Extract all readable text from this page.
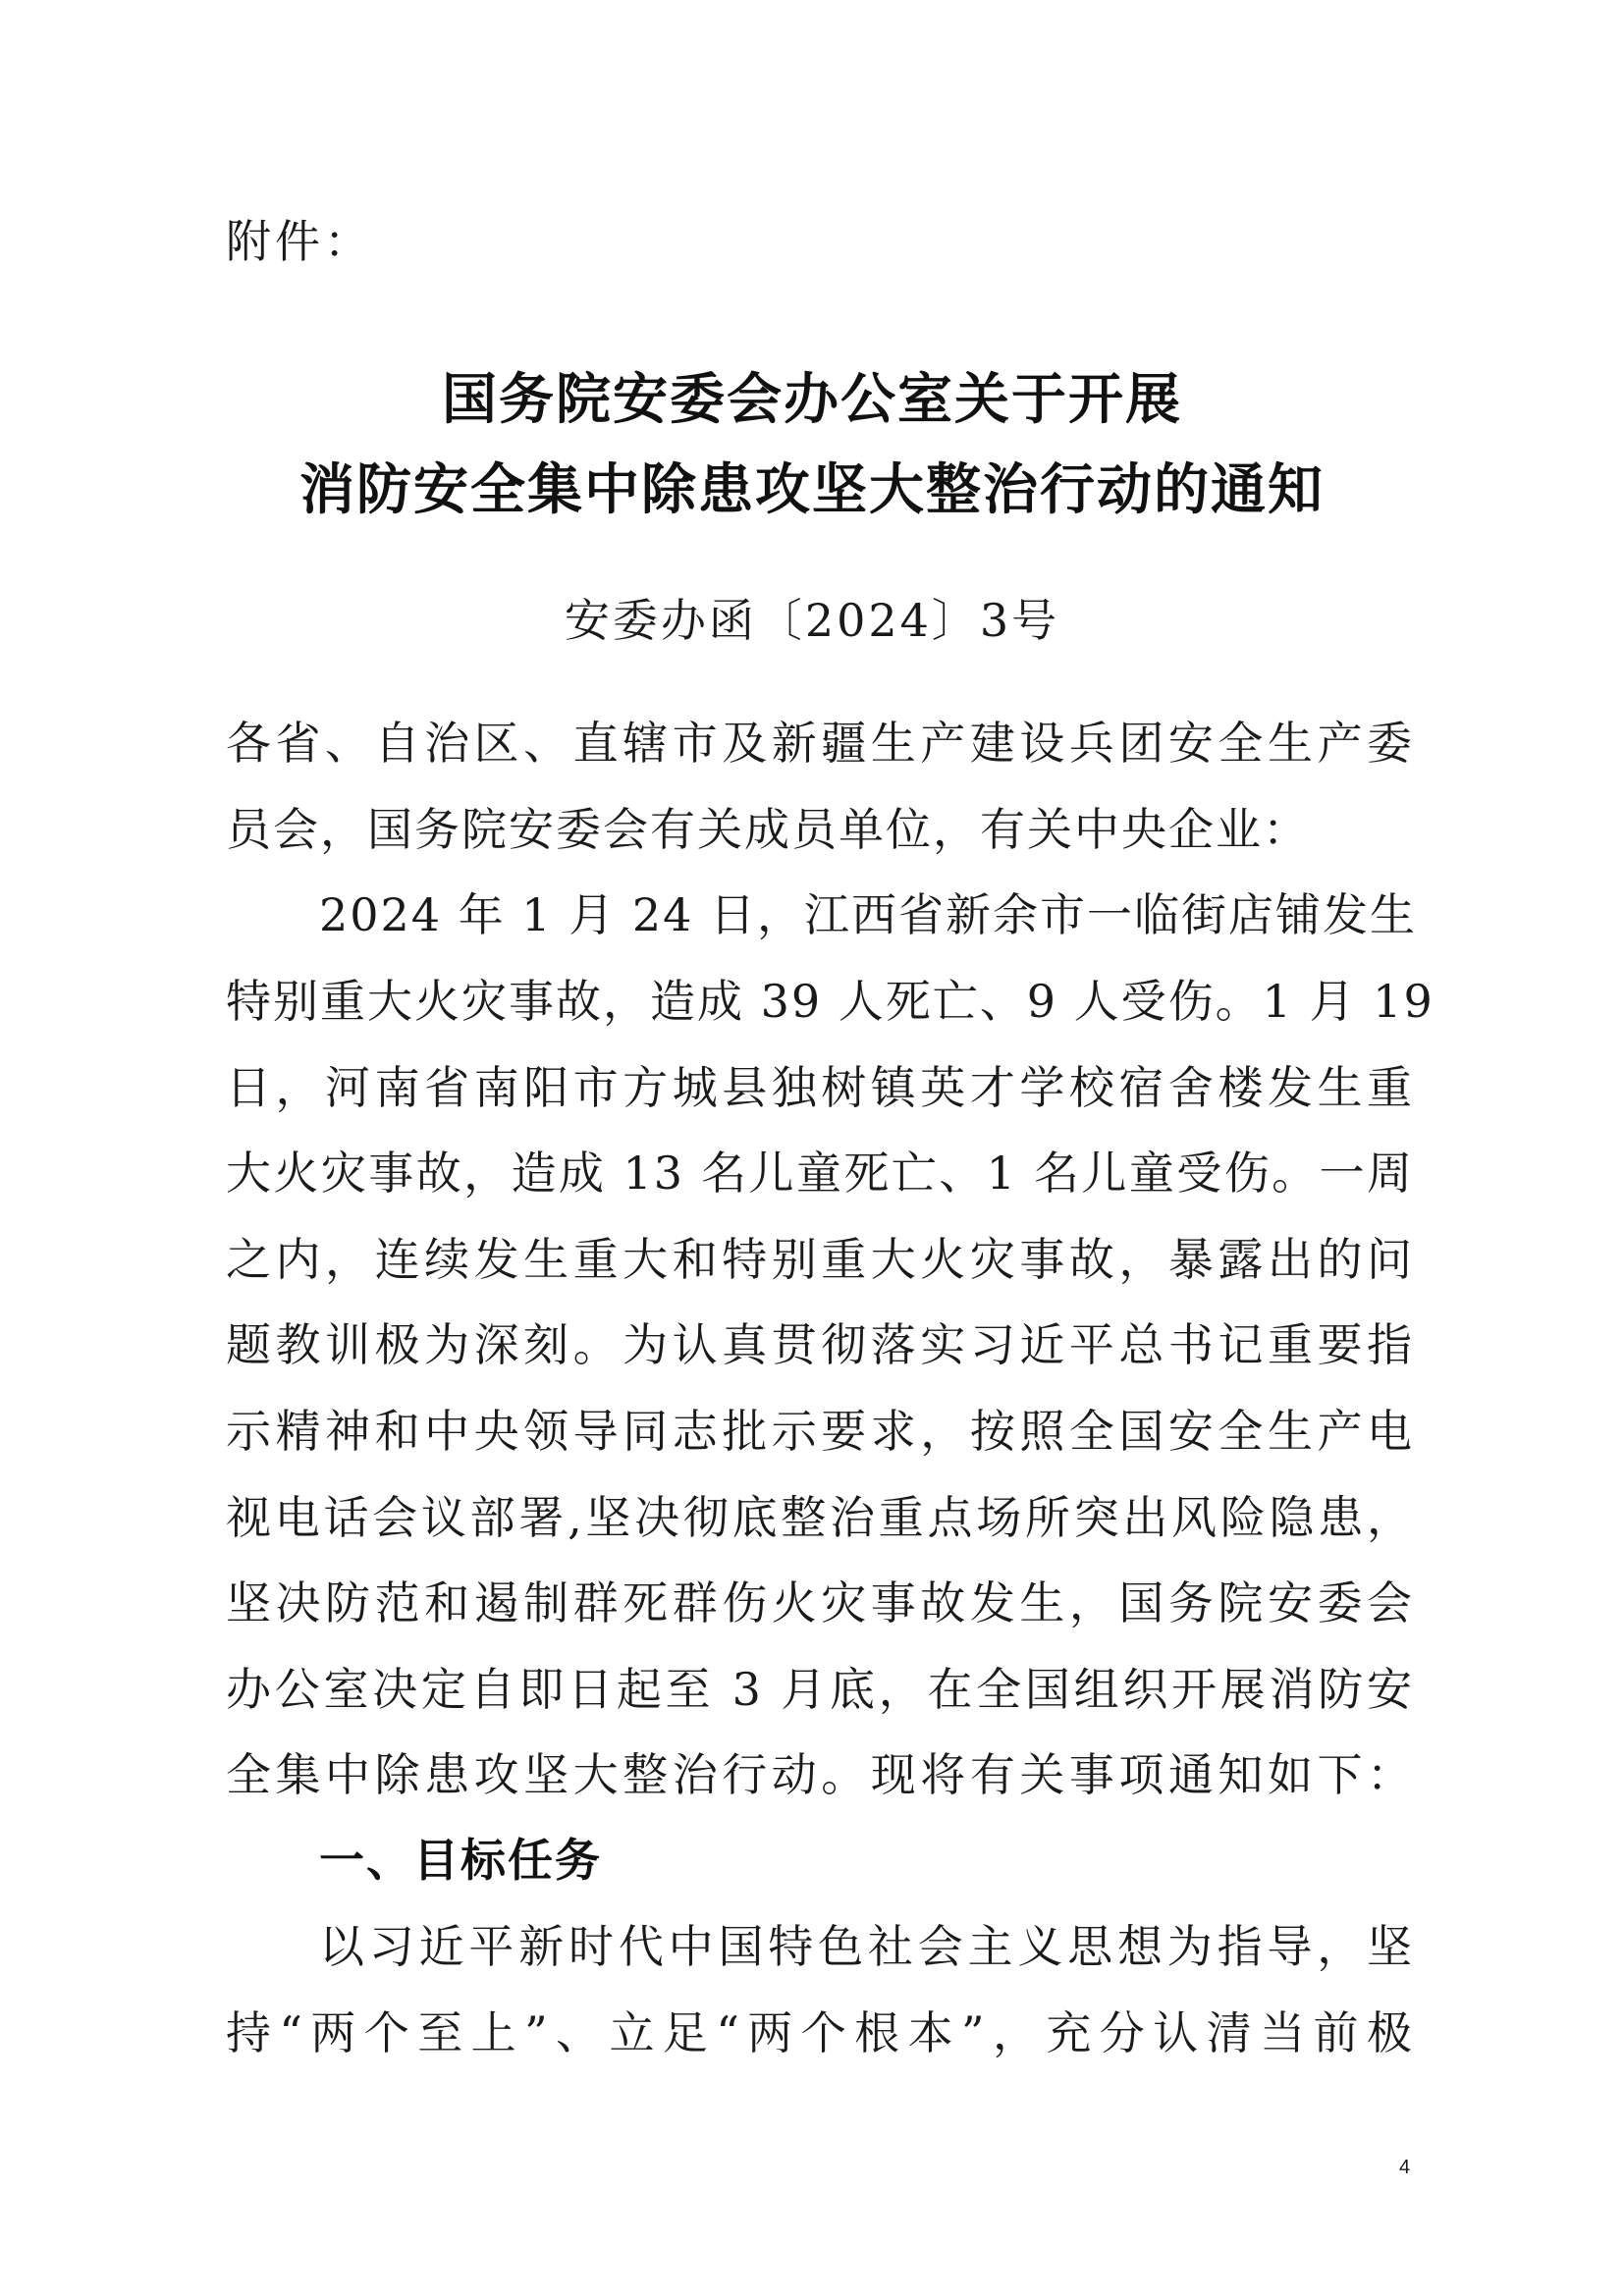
附件：
国务院安委会办公室关于开展
消防安全集中除患攻坚大整治行动的通知
安委办函〔2024〕3号
各省、自治区、直辖市及新疆生产建设兵团安全生产委
员会，国务院安委会有关成员单位，有关中央企业：
2024 年 1 月 24 日，江西省新余市一临街店铺发生
特别重大火灾事故，造成 39 人死亡、9 人受伤。1 月 19
日，河南省南阳市方城县独树镇英才学校宿舍楼发生重
大火灾事故，造成 13 名儿童死亡、1 名儿童受伤。一周
之内，连续发生重大和特别重大火灾事故，暴露出的问
题教训极为深刻。为认真贯彻落实习近平总书记重要指
示精神和中央领导同志批示要求，按照全国安全生产电
视电话会议部署,坚决彻底整治重点场所突出风险隐患，
坚决防范和遏制群死群伤火灾事故发生，国务院安委会
办公室决定自即日起至 3 月底，在全国组织开展消防安
全集中除患攻坚大整治行动。现将有关事项通知如下：
一、目标任务
以习近平新时代中国特色社会主义思想为指导，坚
持“两个至上”、立足“两个根本”，充分认清当前极
4
